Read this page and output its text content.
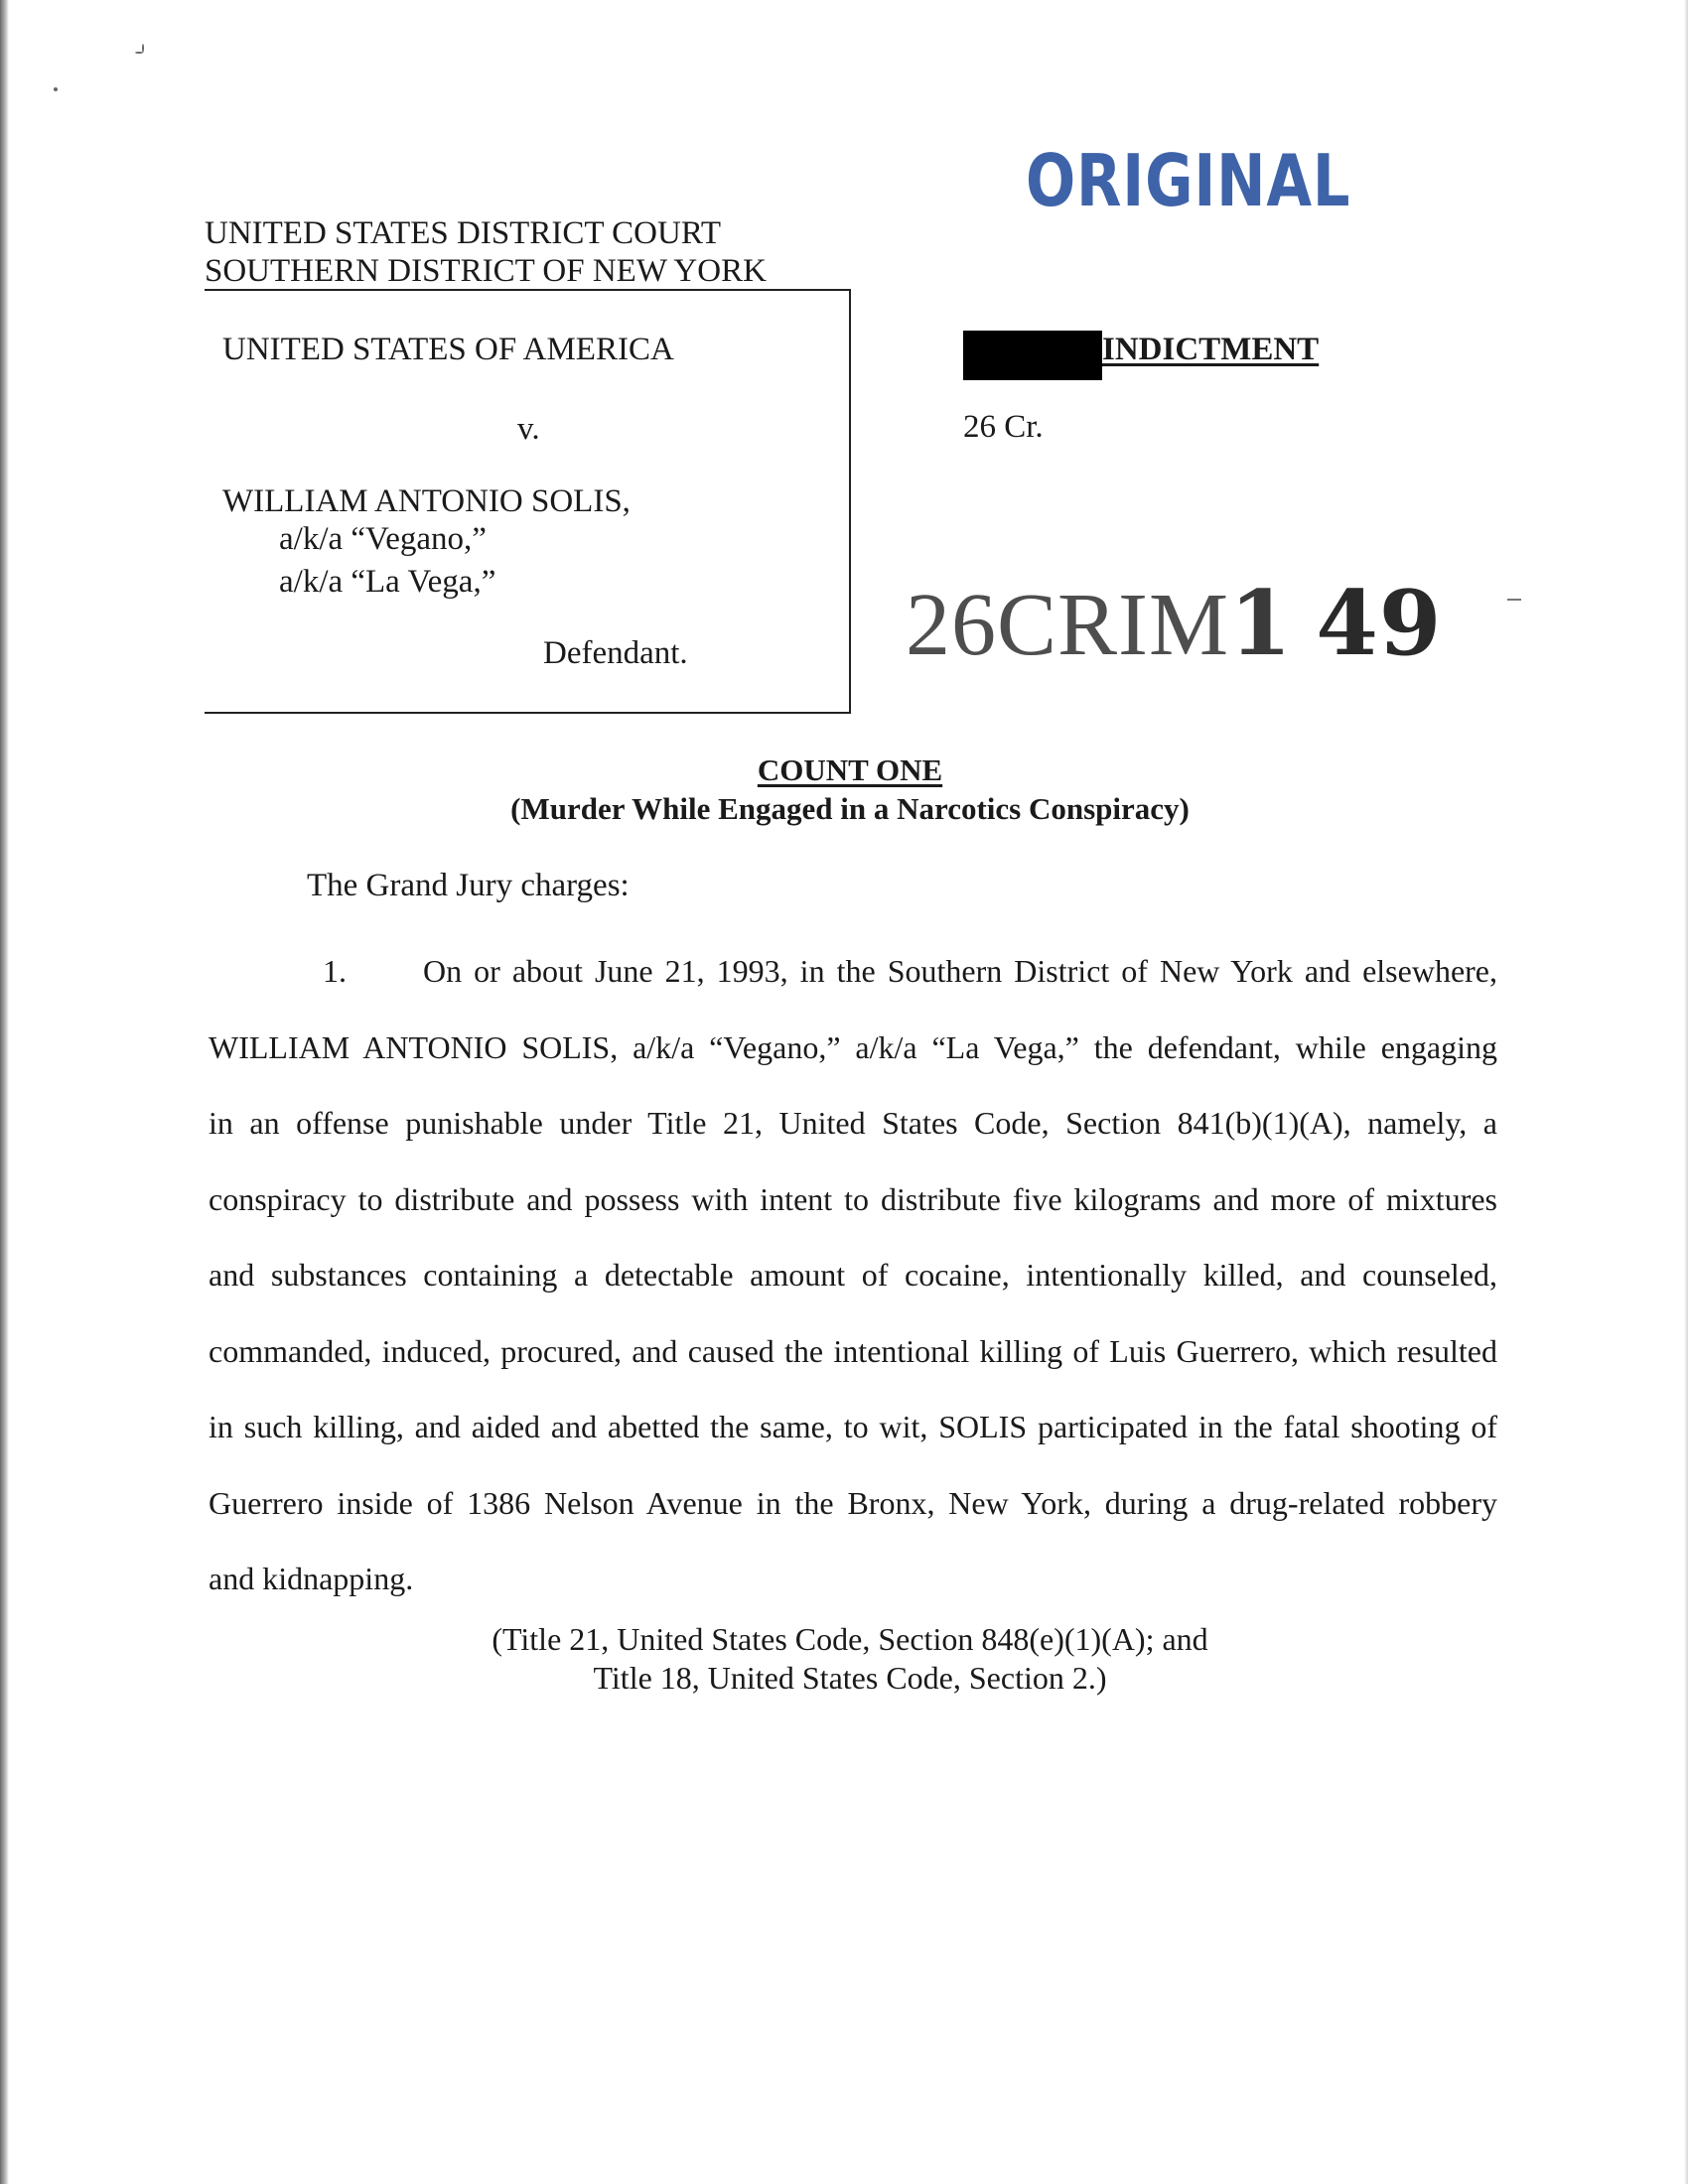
ORIGINAL
UNITED STATES DISTRICT COURT
SOUTHERN DISTRICT OF NEW YORK
UNITED STATES OF AMERICA
v.
WILLIAM ANTONIO SOLIS,
a/k/a “Vegano,”
a/k/a “La Vega,”
Defendant.
INDICTMENT
26 Cr.
26CRIM1 49
COUNT ONE
(Murder While Engaged in a Narcotics Conspiracy)
The Grand Jury charges:
1. On or about June 21, 1993, in the Southern District of New York and elsewhere,
WILLIAM ANTONIO SOLIS, a/k/a “Vegano,” a/k/a “La Vega,” the defendant, while engaging
in an offense punishable under Title 21, United States Code, Section 841(b)(1)(A), namely, a
conspiracy to distribute and possess with intent to distribute five kilograms and more of mixtures
and substances containing a detectable amount of cocaine, intentionally killed, and counseled,
commanded, induced, procured, and caused the intentional killing of Luis Guerrero, which resulted
in such killing, and aided and abetted the same, to wit, SOLIS participated in the fatal shooting of
Guerrero inside of 1386 Nelson Avenue in the Bronx, New York, during a drug-related robbery
and kidnapping.
(Title 21, United States Code, Section 848(e)(1)(A); and
Title 18, United States Code, Section 2.)
